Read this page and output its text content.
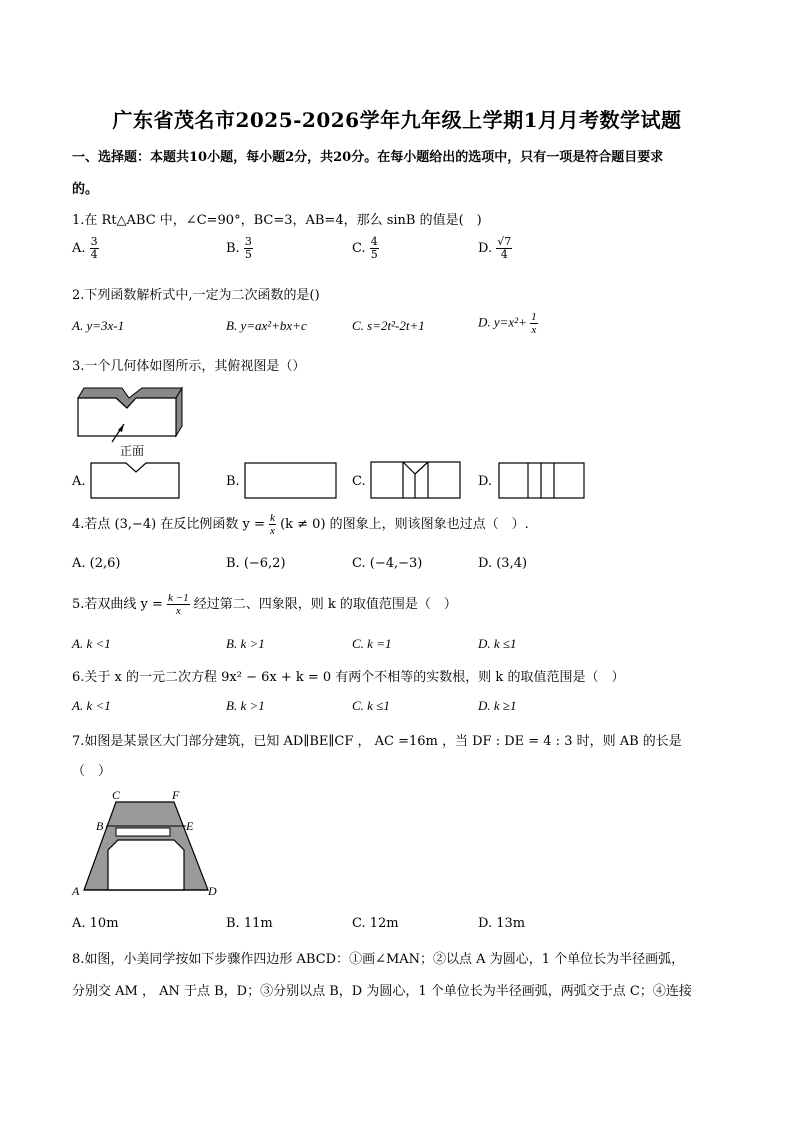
广东省茂名市2025-2026学年九年级上学期1月月考数学试题
一、选择题：本题共10小题，每小题2分，共20分。在每小题给出的选项中，只有一项是符合题目要求
的。
1.在 Rt△ABC 中，∠C=90°，BC=3，AB=4，那么 sinB 的值是(　)
A. $\frac{3}{4}$	B. $\frac{3}{5}$	C. $\frac{4}{5}$	D. $\frac{√7}{4}$
2.下列函数解析式中,一定为二次函数的是()
A. y=3x-1	B. y=ax²+bx+c	C. s=2t²-2t+1	D. $y=x^2+ \frac{1}{x}$
3.一个几何体如图所示，其俯视图是（）
正面
A.	B.	C.	D.
4.若点 (3,−4) 在反比例函数 $y = \frac{k}{x} (k \ne 0)$ 的图象上，则该图象也过点（　）.
A. (2,6)	B. (−6,2)	C. (−4,−3)	D. (3,4)
5.若双曲线 $y = \frac{k -1}{x}$ 经过第二、四象限，则 k 的取值范围是（　）
A. k <1	B. k >1	C. k =1	D. k ≤1
6.关于 x 的一元二次方程 9x² − 6x + k = 0 有两个不相等的实数根，则 k 的取值范围是（　）
A. k <1	B. k >1	C. k ≤1	D. k ≥1
7.如图是某景区大门部分建筑，已知 AD∥BE∥CF ， AC =16m ，当 DF : DE = 4 : 3 时，则 AB 的长是
（　）
C	F
B	E
A	D
A. 10m	B. 11m	C. 12m	D. 13m
8.如图，小美同学按如下步骤作四边形 ABCD：①画∠MAN；②以点 A 为圆心，1 个单位长为半径画弧，
分别交 AM ， AN 于点 B，D；③分别以点 B，D 为圆心，1 个单位长为半径画弧，两弧交于点 C；④连接
